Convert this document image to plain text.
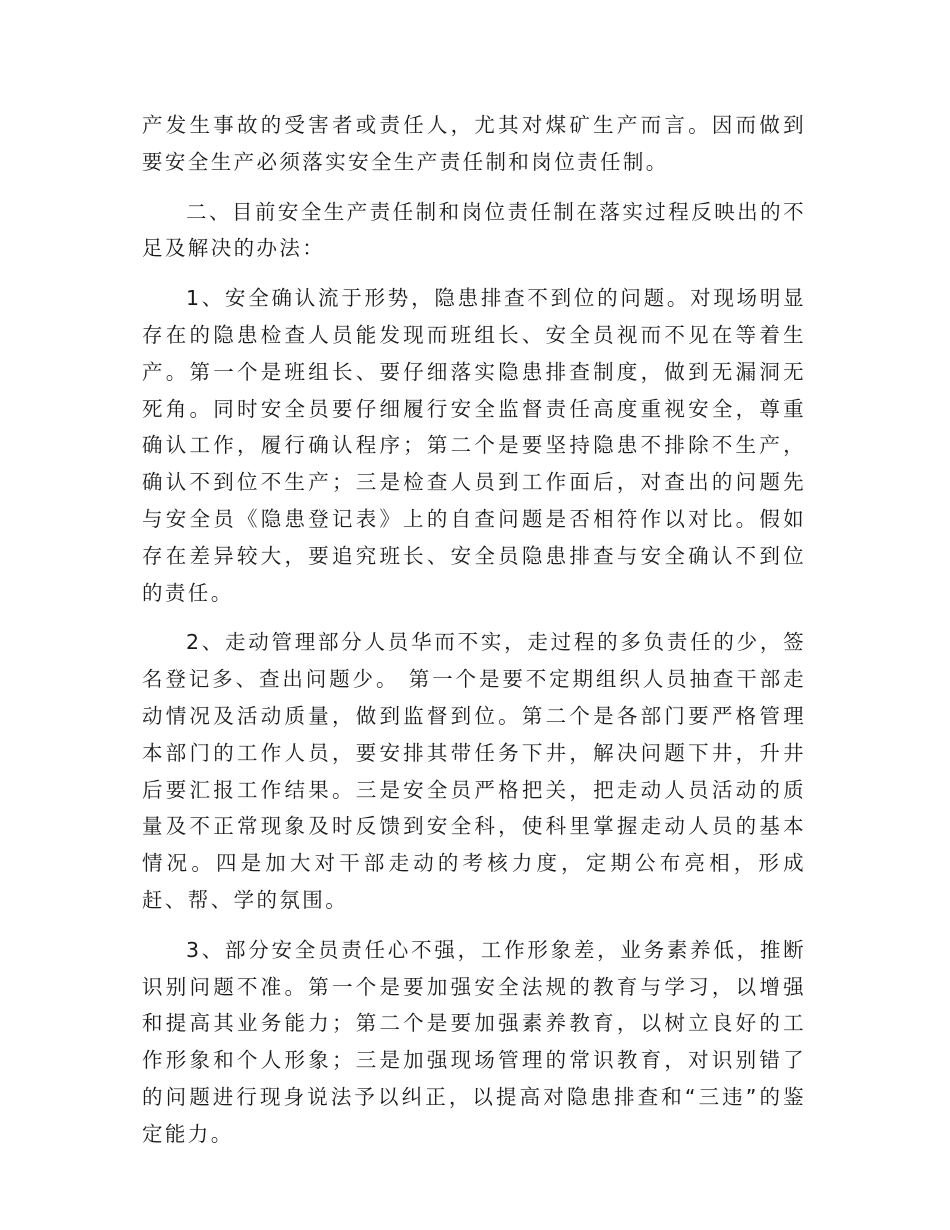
产发生事故的受害者或责任人，尤其对煤矿生产而言。因而做到要安全生产必须落实安全生产责任制和岗位责任制。

二、目前安全生产责任制和岗位责任制在落实过程反映出的不足及解决的办法：

1、安全确认流于形势，隐患排查不到位的问题。对现场明显存在的隐患检查人员能发现而班组长、安全员视而不见在等着生产。第一个是班组长、要仔细落实隐患排查制度，做到无漏洞无死角。同时安全员要仔细履行安全监督责任高度重视安全，尊重确认工作，履行确认程序；第二个是要坚持隐患不排除不生产，确认不到位不生产；三是检查人员到工作面后，对查出的问题先与安全员《隐患登记表》上的自查问题是否相符作以对比。假如存在差异较大，要追究班长、安全员隐患排查与安全确认不到位的责任。

2、走动管理部分人员华而不实，走过程的多负责任的少，签名登记多、查出问题少。 第一个是要不定期组织人员抽查干部走动情况及活动质量，做到监督到位。第二个是各部门要严格管理本部门的工作人员，要安排其带任务下井，解决问题下井，升井后要汇报工作结果。三是安全员严格把关，把走动人员活动的质量及不正常现象及时反馈到安全科，使科里掌握走动人员的基本情况。四是加大对干部走动的考核力度，定期公布亮相，形成赶、帮、学的氛围。

3、部分安全员责任心不强，工作形象差，业务素养低，推断识别问题不准。第一个是要加强安全法规的教育与学习，以增强和提高其业务能力；第二个是要加强素养教育，以树立良好的工作形象和个人形象；三是加强现场管理的常识教育，对识别错了的问题进行现身说法予以纠正，以提高对隐患排查和“三违”的鉴定能力。
